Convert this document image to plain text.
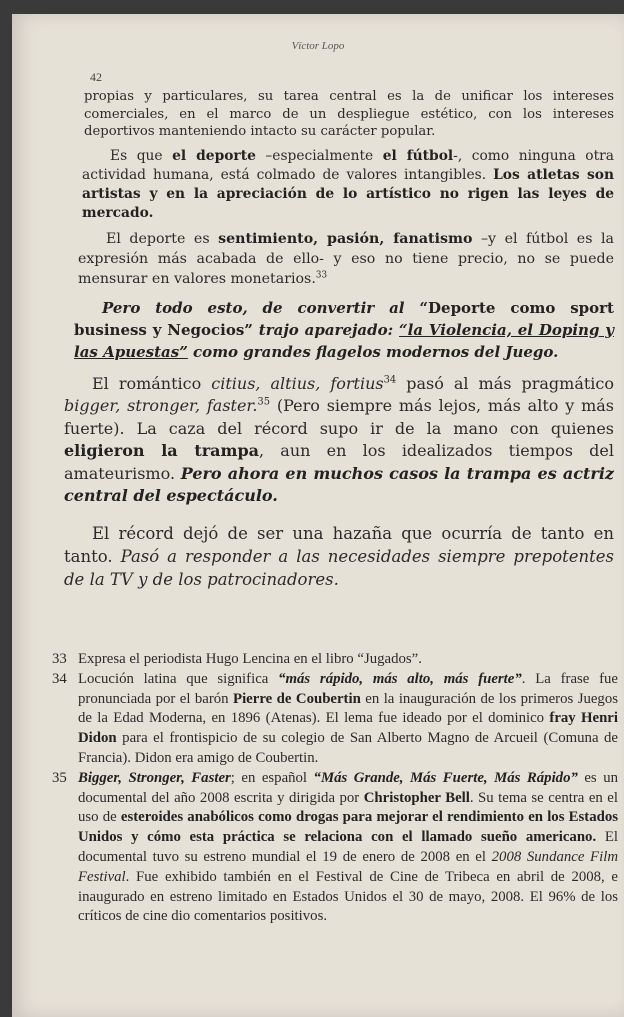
Víctor Lopo
42

propias y particulares, su tarea central es la de unificar los intereses comerciales, en el marco de un despliegue estético, con los intereses deportivos manteniendo intacto su carácter popular.

Es que el deporte –especialmente el fútbol-, como ninguna otra actividad humana, está colmado de valores intangibles. Los atletas son artistas y en la apreciación de lo artístico no rigen las leyes de mercado.

El deporte es sentimiento, pasión, fanatismo –y el fútbol es la expresión más acabada de ello- y eso no tiene precio, no se puede mensurar en valores monetarios.$^{33}$

Pero todo esto, de convertir al “Deporte como sport business y Negocios” trajo aparejado: “la Violencia, el Doping y las Apuestas” como grandes flagelos modernos del Juego.

El romántico citius, altius, fortius$^{34}$ pasó al más pragmático bigger, stronger, faster.$^{35}$ (Pero siempre más lejos, más alto y más fuerte). La caza del récord supo ir de la mano con quienes eligieron la trampa, aun en los idealizados tiempos del amateurismo. Pero ahora en muchos casos la trampa es actriz central del espectáculo.

El récord dejó de ser una hazaña que ocurría de tanto en tanto. Pasó a responder a las necesidades siempre prepotentes de la TV y de los patrocinadores.

33 Expresa el periodista Hugo Lencina en el libro “Jugados”.
34 Locución latina que significa “más rápido, más alto, más fuerte”. La frase fue pronunciada por el barón Pierre de Coubertin en la inauguración de los primeros Juegos de la Edad Moderna, en 1896 (Atenas). El lema fue ideado por el dominico fray Henri Didon para el frontispicio de su colegio de San Alberto Magno de Arcueil (Comuna de Francia). Didon era amigo de Coubertin.
35 Bigger, Stronger, Faster; en español “Más Grande, Más Fuerte, Más Rápido” es un documental del año 2008 escrita y dirigida por Christopher Bell. Su tema se centra en el uso de esteroides anabólicos como drogas para mejorar el rendimiento en los Estados Unidos y cómo esta práctica se relaciona con el llamado sueño americano. El documental tuvo su estreno mundial el 19 de enero de 2008 en el 2008 Sundance Film Festival. Fue exhibido también en el Festival de Cine de Tribeca en abril de 2008, e inaugurado en estreno limitado en Estados Unidos el 30 de mayo, 2008. El 96% de los críticos de cine dio comentarios positivos.
